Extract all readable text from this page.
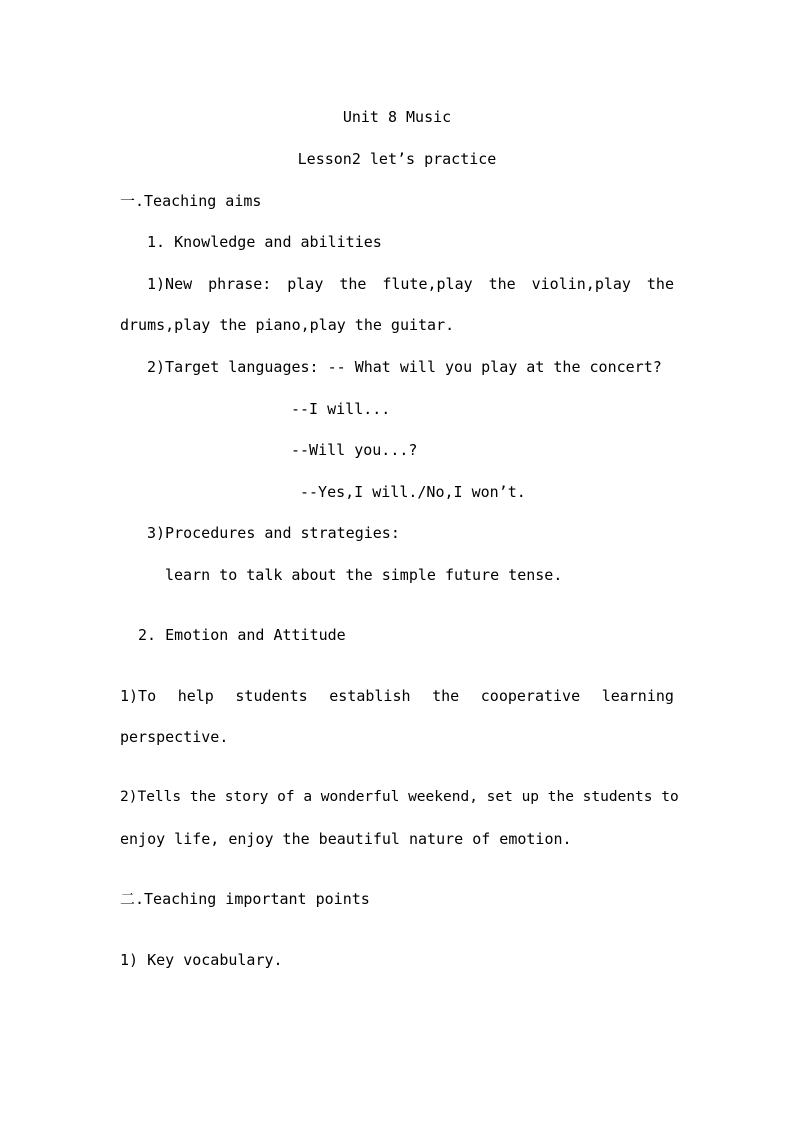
Unit 8 Music
Lesson2 let’s practice
一.Teaching aims
1. Knowledge and abilities
1)New phrase: play the flute,play the violin,play the
drums,play the piano,play the guitar.
2)Target languages: -- What will you play at the concert?
--I will...
--Will you...?
--Yes,I will./No,I won’t.
3)Procedures and strategies:
learn to talk about the simple future tense.
2. Emotion and Attitude
1)To help students establish the cooperative learning
perspective.
2)Tells the story of a wonderful weekend, set up the students to
enjoy life, enjoy the beautiful nature of emotion.
二.Teaching important points
1) Key vocabulary.
